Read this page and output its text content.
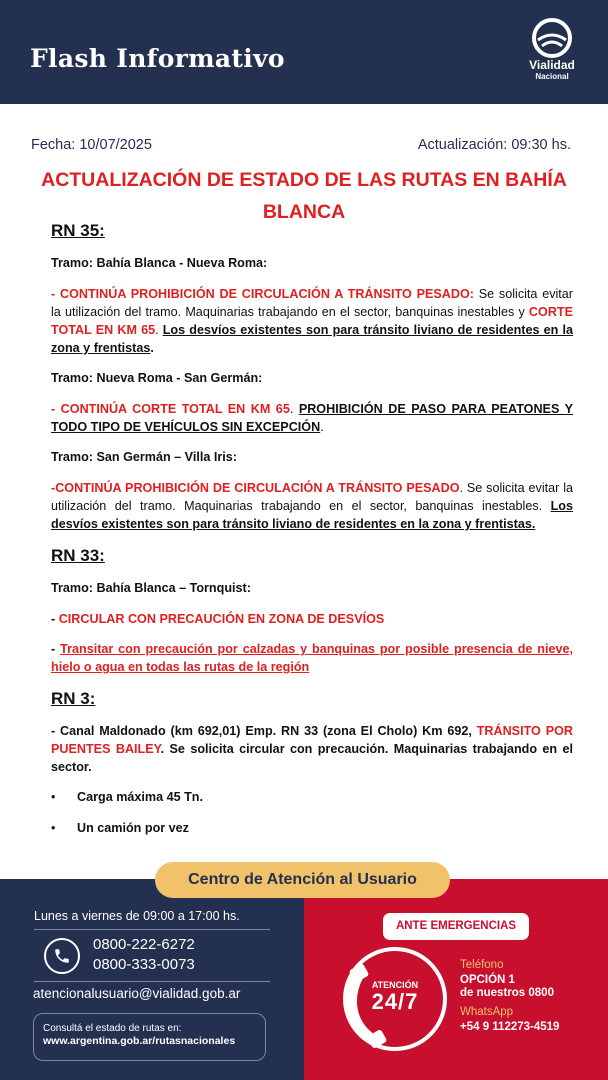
Flash Informativo	Vialidad
Nacional
Fecha: 10/07/2025	Actualización: 09:30 hs.
ACTUALIZACIÓN DE ESTADO DE LAS RUTAS EN BAHÍA BLANCA
RN 35:
Tramo: Bahía Blanca - Nueva Roma:
- CONTINÚA PROHIBICIÓN DE CIRCULACIÓN A TRÁNSITO PESADO: Se solicita evitar la utilización del tramo. Maquinarias trabajando en el sector, banquinas inestables y CORTE TOTAL EN KM 65. Los desvíos existentes son para tránsito liviano de residentes en la zona y frentistas.
Tramo: Nueva Roma - San Germán:
- CONTINÚA CORTE TOTAL EN KM 65. PROHIBICIÓN DE PASO PARA PEATONES Y TODO TIPO DE VEHÍCULOS SIN EXCEPCIÓN.
Tramo: San Germán – Villa Iris:
-CONTINÚA PROHIBICIÓN DE CIRCULACIÓN A TRÁNSITO PESADO. Se solicita evitar la utilización del tramo. Maquinarias trabajando en el sector, banquinas inestables. Los desvíos existentes son para tránsito liviano de residentes en la zona y frentistas.
RN 33:
Tramo: Bahía Blanca – Tornquist:
- CIRCULAR CON PRECAUCIÓN EN ZONA DE DESVÍOS
- Transitar con precaución por calzadas y banquinas por posible presencia de nieve, hielo o agua en todas las rutas de la región
RN 3:
- Canal Maldonado (km 692,01) Emp. RN 33 (zona El Cholo) Km 692, TRÁNSITO POR PUENTES BAILEY. Se solicita circular con precaución. Maquinarias trabajando en el sector.
• Carga máxima 45 Tn.
• Un camión por vez
Centro de Atención al Usuario
Lunes a viernes de 09:00 a 17:00 hs.
0800-222-6272
0800-333-0073
atencionalusuario@vialidad.gob.ar
Consultá el estado de rutas en:
www.argentina.gob.ar/rutasnacionales
ANTE EMERGENCIAS
ATENCIÓN
24/7
Teléfono
OPCIÓN 1
de nuestros 0800
WhatsApp
+54 9 112273-4519
